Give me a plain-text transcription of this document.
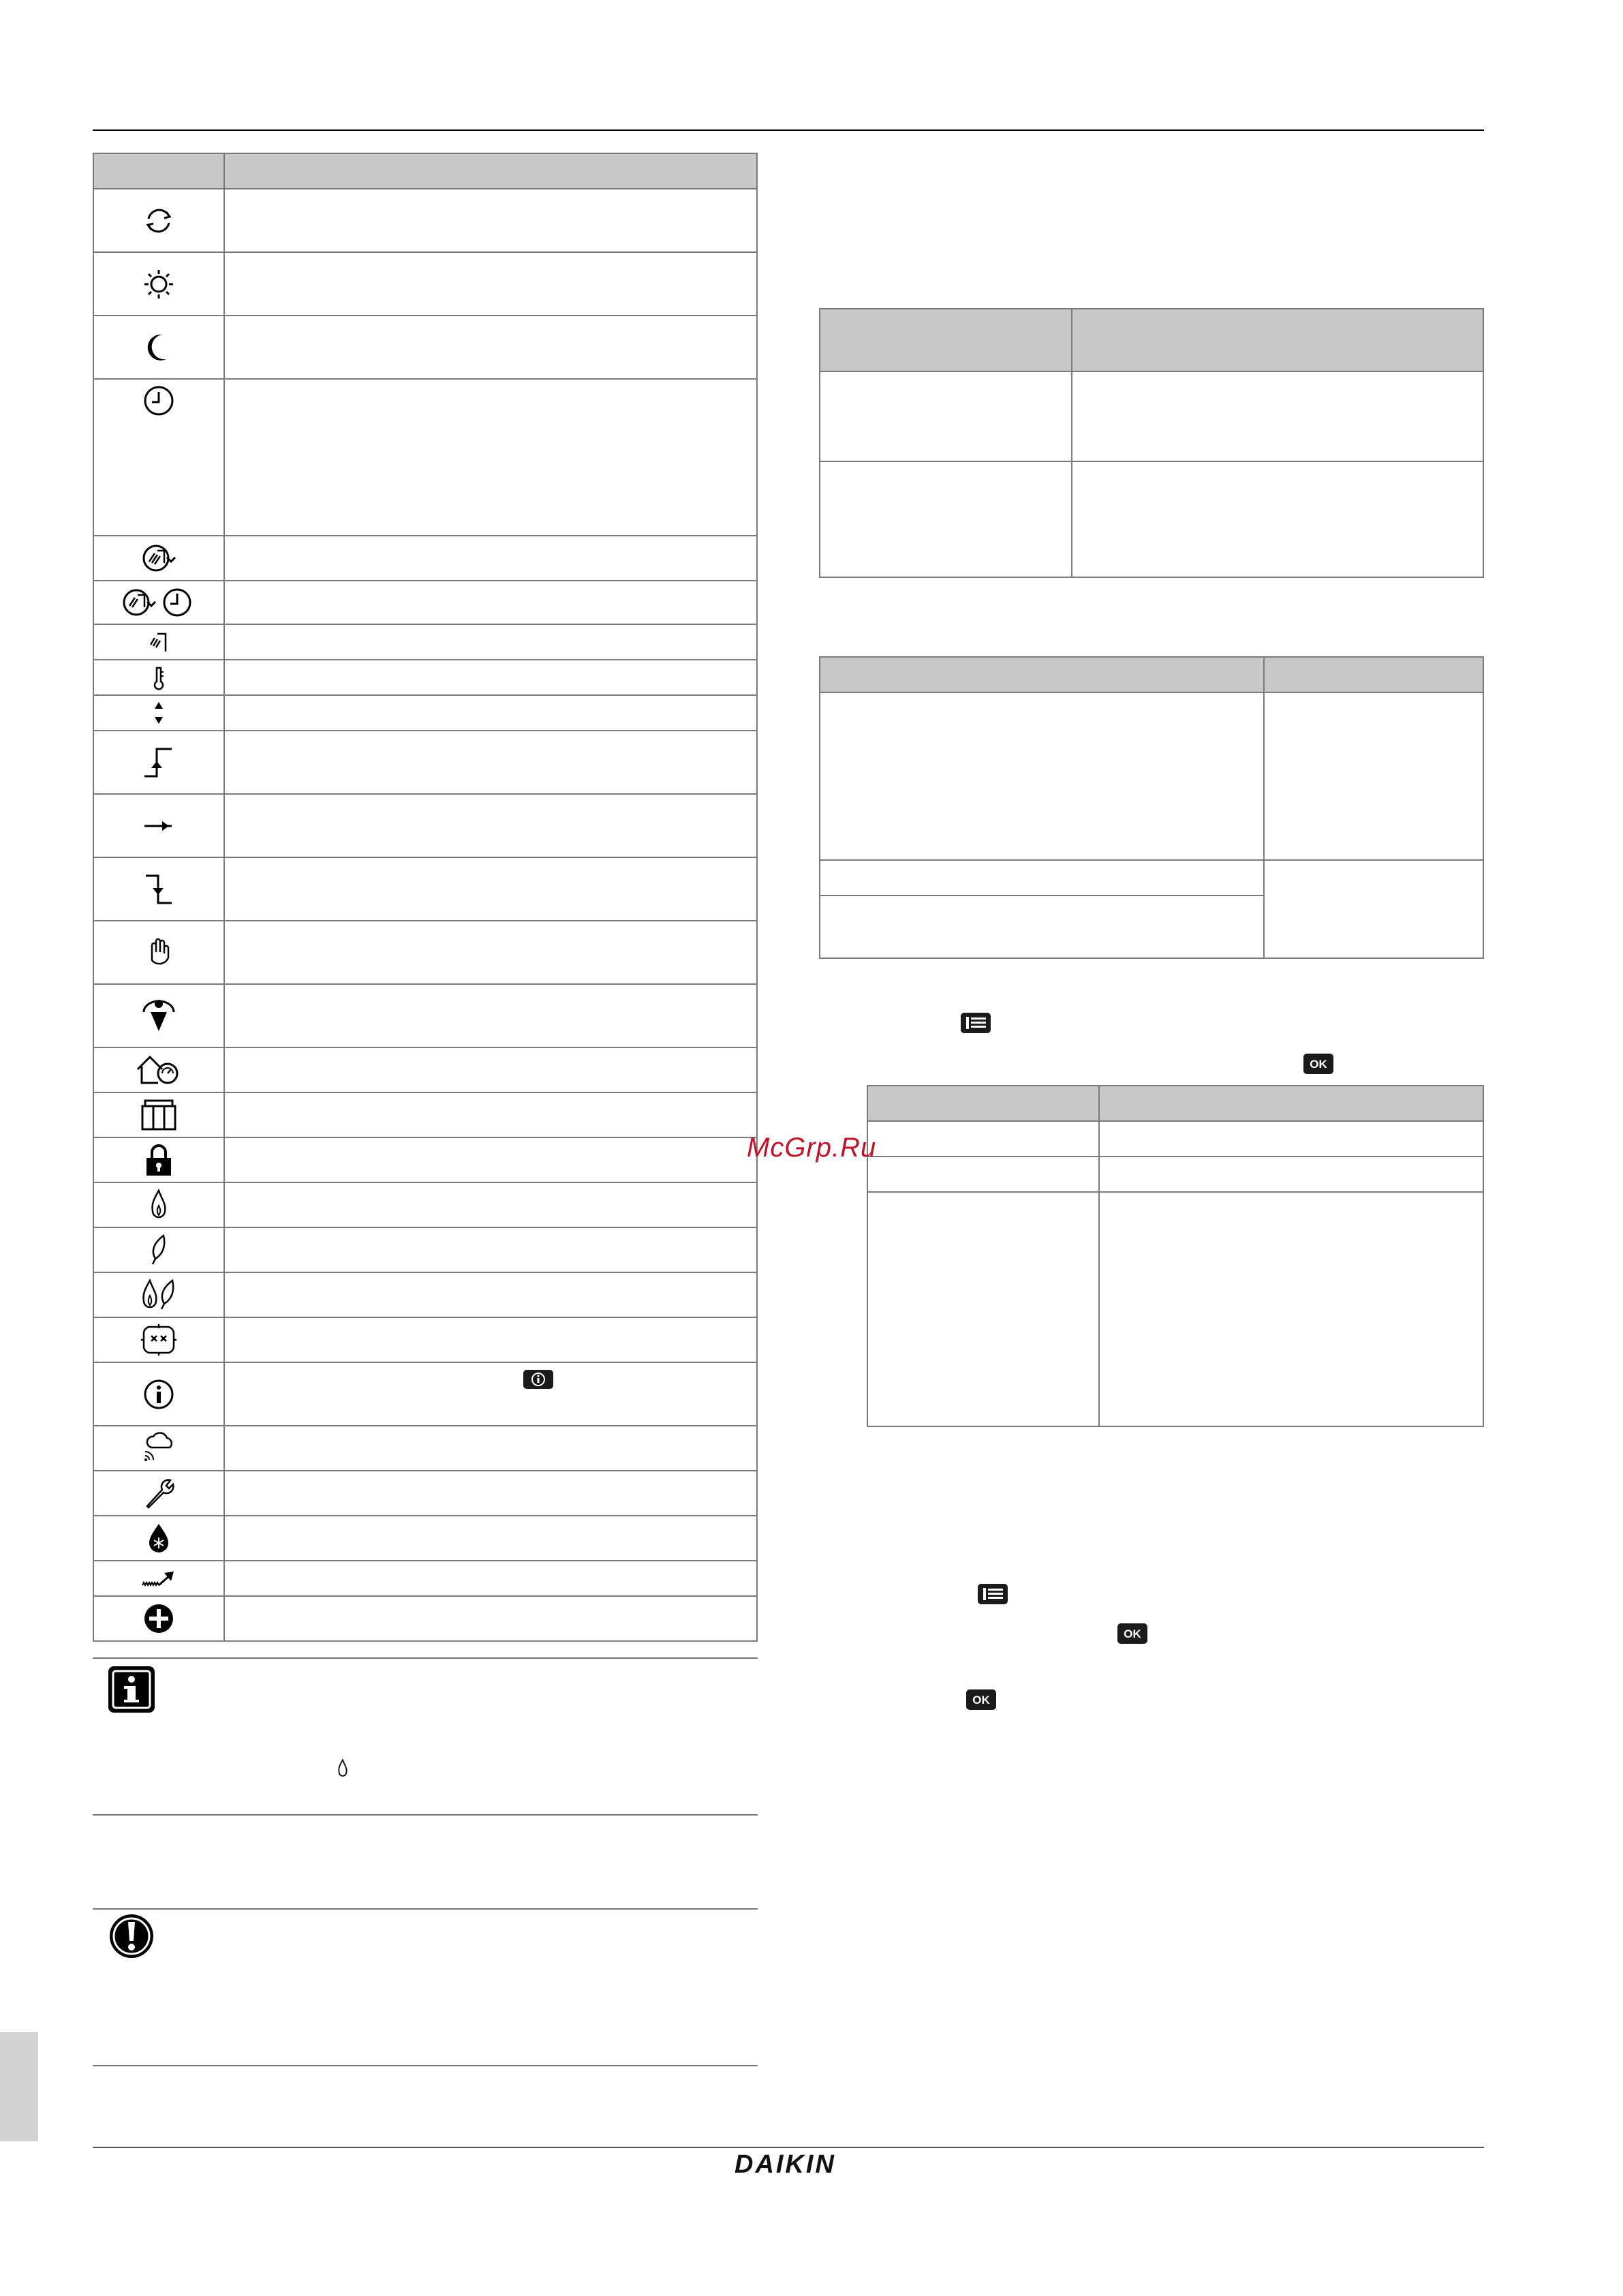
OK

OK
OK
McGrp.Ru
DAIKIN
